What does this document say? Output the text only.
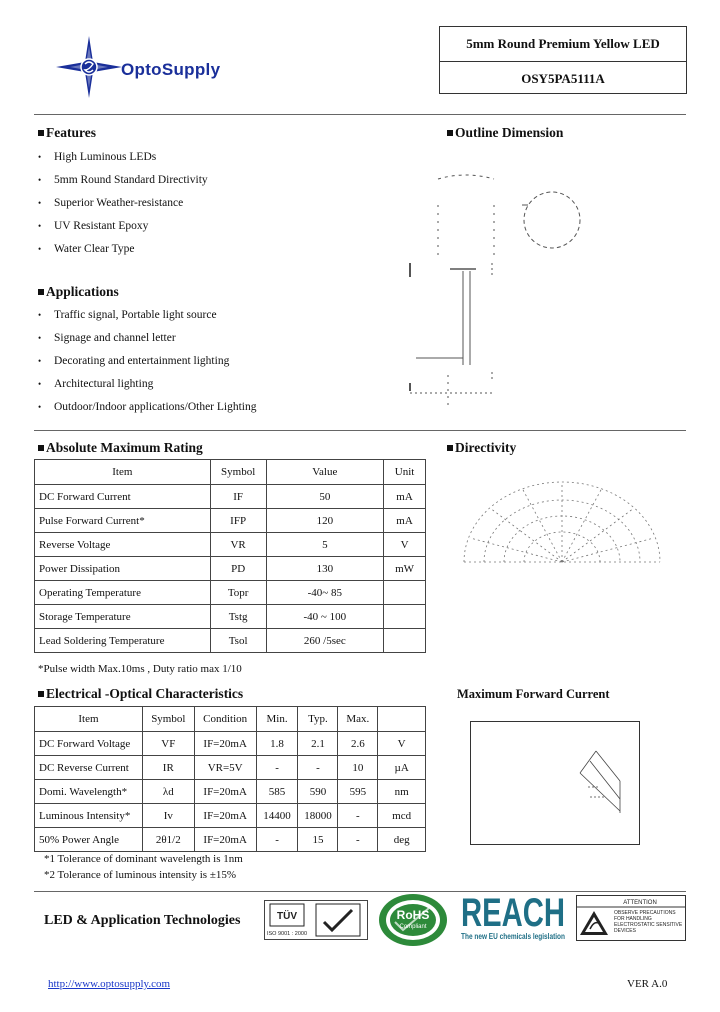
OptoSupply
5mm Round Premium Yellow LED
OSY5PA5111A
Features
• High Luminous LEDs
• 5mm Round Standard Directivity
• Superior Weather-resistance
• UV Resistant Epoxy
• Water Clear Type
Outline Dimension
Applications
• Traffic signal, Portable light source
• Signage and channel letter
• Decorating and entertainment lighting
• Architectural lighting
• Outdoor/Indoor applications/Other Lighting
Absolute Maximum Rating
Item	Symbol	Value	Unit
DC Forward Current	IF	50	mA
Pulse Forward Current*	IFP	120	mA
Reverse Voltage	VR	5	V
Power Dissipation	PD	130	mW
Operating Temperature	Topr	-40~ 85	
Storage Temperature	Tstg	-40 ~ 100	
Lead Soldering Temperature	Tsol	260 /5sec	
*Pulse width Max.10ms , Duty ratio max 1/10
Directivity
Electrical -Optical Characteristics
Item	Symbol	Condition	Min.	Typ.	Max.	
DC Forward Voltage	VF	IF=20mA	1.8	2.1	2.6	V
DC Reverse Current	IR	VR=5V	-	-	10	µA
Domi. Wavelength*	λd	IF=20mA	585	590	595	nm
Luminous Intensity*	Iv	IF=20mA	14400	18000	-	mcd
50% Power Angle	2θ1/2	IF=20mA	-	15	-	deg
*1 Tolerance of dominant wavelength is 1nm
*2 Tolerance of luminous intensity is ±15%
Maximum Forward Current
LED & Application Technologies	TÜV
ISO 9001 : 2000
RoHS
Compliant REACH
The new EU chemicals legislation
ATTENTION
OBSERVE PRECAUTIONS FOR HANDLING ELECTROSTATIC SENSITIVE DEVICES
http://www.optosupply.com	VER A.0
